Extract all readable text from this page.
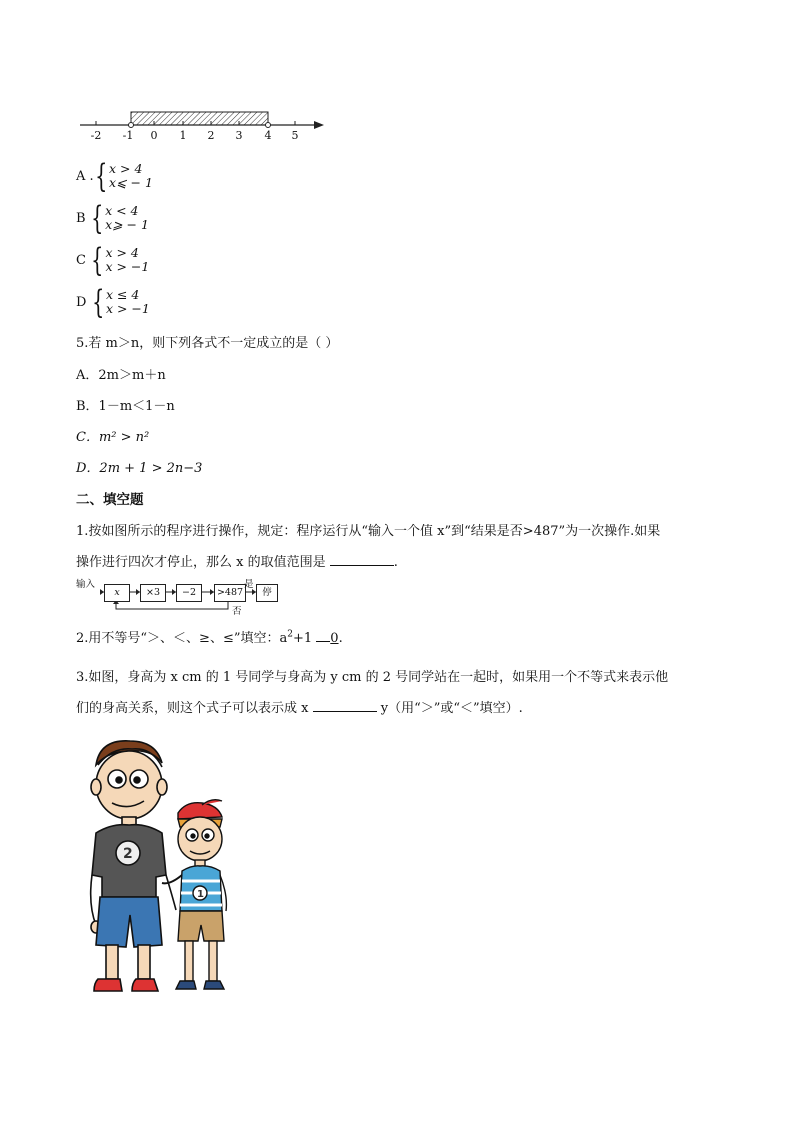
-2 -1 0 1 2 3 4 5
A . { x > 4
x⩽ − 1
B
{ x < 4
x⩾ − 1
C
{ x > 4
x > −1
D
{ x ≤ 4
x > −1
5.若 m＞n，则下列各式不一定成立的是（ ）
A．2m＞m＋n
B．1－m＜1－n
C．m² > n²
D．2m + 1 > 2n−3
二、填空题
1.按如图所示的程序进行操作，规定：程序运行从“输入一个值 x”到“结果是否>487”为一次操作.如果
操作进行四次才停止，那么 x 的取值范围是	.
输入
x	×3	−2	>487
是
停
否
2.用不等号“＞、＜、≥、≤”填空：$a^2+1$ 0.
3.如图，身高为 x cm 的 1 号同学与身高为 y cm 的 2 号同学站在一起时，如果用一个不等式来表示他
们的身高关系，则这个式子可以表示成 x	y（用“＞”或“＜”填空）.
2
1
